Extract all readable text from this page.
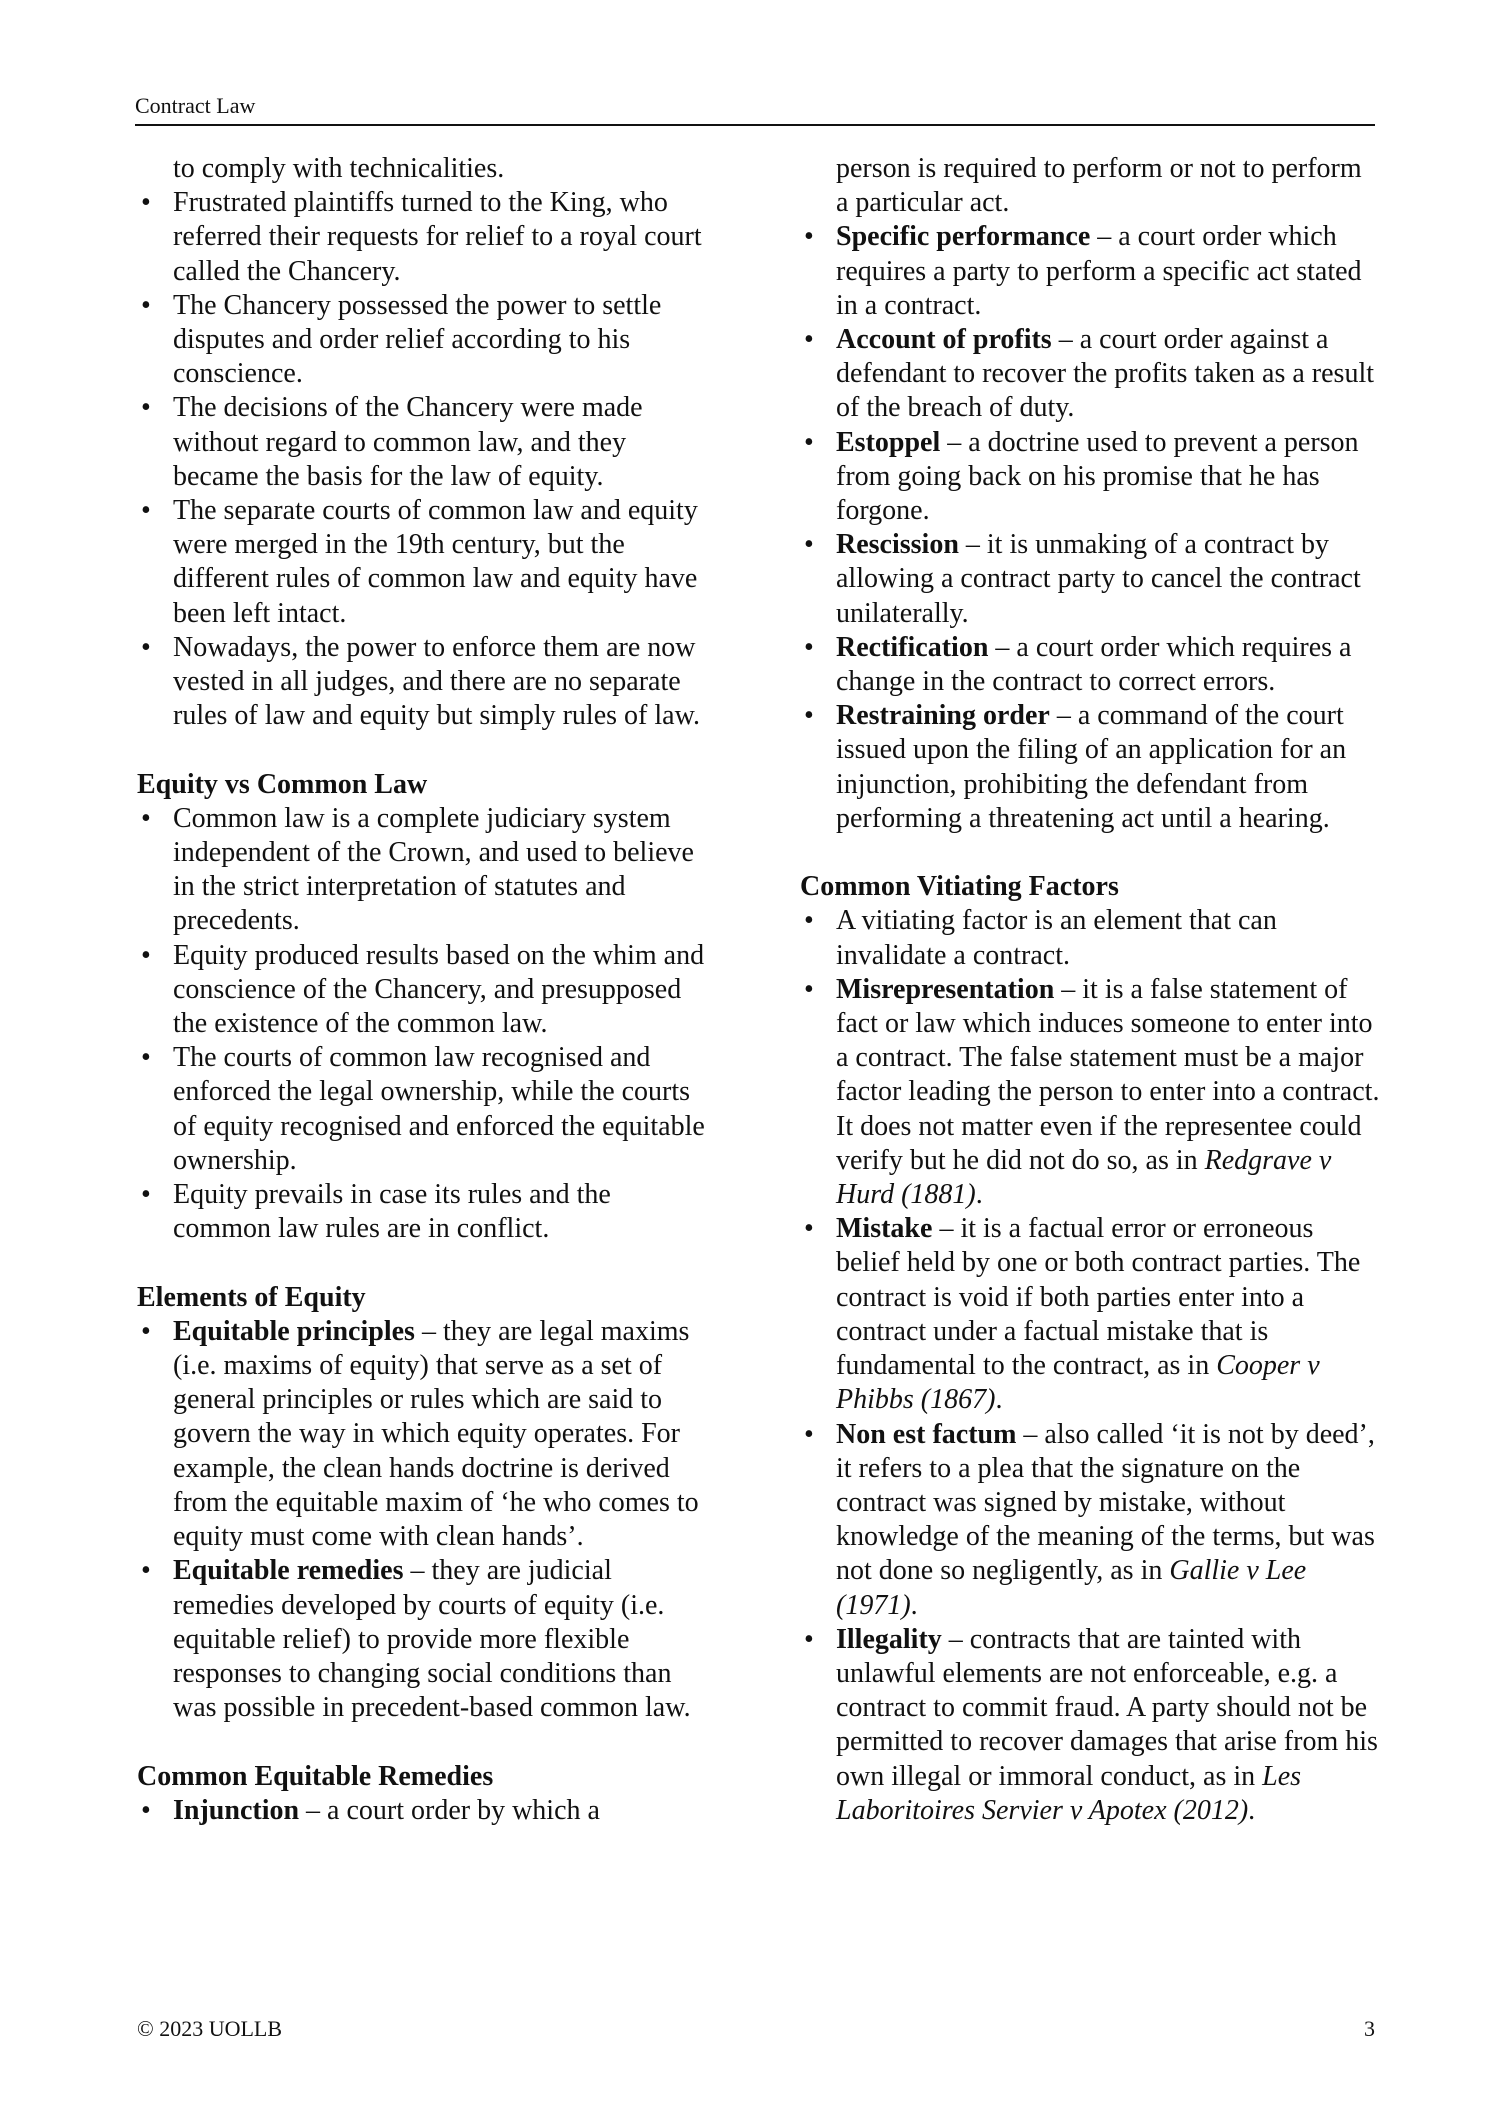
Contract Law
to comply with technicalities.
• Frustrated plaintiffs turned to the King, who referred their requests for relief to a royal court called the Chancery.
• The Chancery possessed the power to settle disputes and order relief according to his conscience.
• The decisions of the Chancery were made without regard to common law, and they became the basis for the law of equity.
• The separate courts of common law and equity were merged in the 19th century, but the different rules of common law and equity have been left intact.
• Nowadays, the power to enforce them are now vested in all judges, and there are no separate rules of law and equity but simply rules of law.

Equity vs Common Law

• Common law is a complete judiciary system independent of the Crown, and used to believe in the strict interpretation of statutes and precedents.
• Equity produced results based on the whim and conscience of the Chancery, and presupposed the existence of the common law.
• The courts of common law recognised and enforced the legal ownership, while the courts of equity recognised and enforced the equitable ownership.
• Equity prevails in case its rules and the common law rules are in conflict.

Elements of Equity

• Equitable principles – they are legal maxims (i.e. maxims of equity) that serve as a set of general principles or rules which are said to govern the way in which equity operates. For example, the clean hands doctrine is derived from the equitable maxim of ‘he who comes to equity must come with clean hands’.
• Equitable remedies – they are judicial remedies developed by courts of equity (i.e. equitable relief) to provide more flexible responses to changing social conditions than was possible in precedent-based common law.

Common Equitable Remedies

• Injunction – a court order by which a
person is required to perform or not to perform a particular act.
• Specific performance – a court order which requires a party to perform a specific act stated in a contract.
• Account of profits – a court order against a defendant to recover the profits taken as a result of the breach of duty.
• Estoppel – a doctrine used to prevent a person from going back on his promise that he has forgone.
• Rescission – it is unmaking of a contract by allowing a contract party to cancel the contract unilaterally.
• Rectification – a court order which requires a change in the contract to correct errors.
• Restraining order – a command of the court issued upon the filing of an application for an injunction, prohibiting the defendant from performing a threatening act until a hearing.

Common Vitiating Factors

• A vitiating factor is an element that can invalidate a contract.
• Misrepresentation – it is a false statement of fact or law which induces someone to enter into a contract. The false statement must be a major factor leading the person to enter into a contract. It does not matter even if the representee could verify but he did not do so, as in Redgrave v Hurd (1881).
• Mistake – it is a factual error or erroneous belief held by one or both contract parties. The contract is void if both parties enter into a contract under a factual mistake that is fundamental to the contract, as in Cooper v Phibbs (1867).
• Non est factum – also called ‘it is not by deed’, it refers to a plea that the signature on the contract was signed by mistake, without knowledge of the meaning of the terms, but was not done so negligently, as in Gallie v Lee (1971).
• Illegality – contracts that are tainted with unlawful elements are not enforceable, e.g. a contract to commit fraud. A party should not be permitted to recover damages that arise from his own illegal or immoral conduct, as in Les Laboritoires Servier v Apotex (2012).
© 2023 UOLLB	3
